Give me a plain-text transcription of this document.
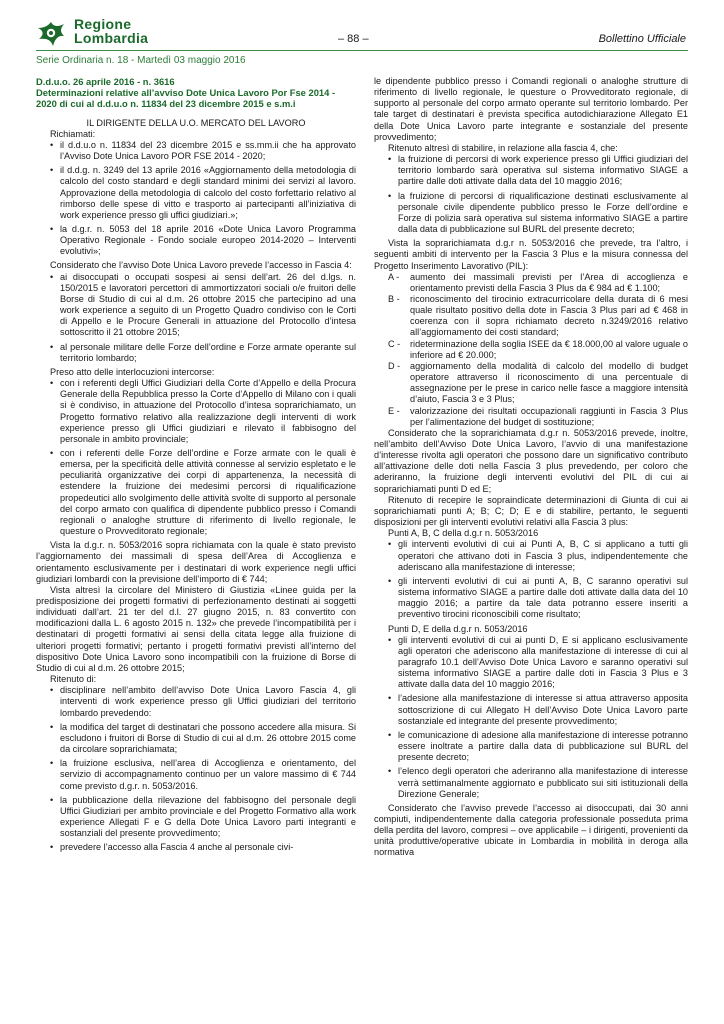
Regione
Lombardia	– 88 –	Bollettino Ufficiale
Serie Ordinaria n. 18 - Martedì 03 maggio 2016

D.d.u.o. 26 aprile 2016 - n. 3616

Determinazioni relative all’avviso Dote Unica Lavoro Por Fse 2014 - 2020 di cui al d.d.u.o n. 11834 del 23 dicembre 2015 e s.m.i

IL DIRIGENTE DELLA U.O. MERCATO DEL LAVORO

Richiamati:

• il d.d.u.o n. 11834 del 23 dicembre 2015 e ss.mm.ii che ha approvato l’Avviso Dote Unica Lavoro POR FSE 2014 - 2020;
• il d.d.g. n. 3249 del 13 aprile 2016 «Aggiornamento della metodologia di calcolo del costo standard e degli standard minimi dei servizi al lavoro. Approvazione della metodologia di calcolo del costo forfettario relativo al rimborso delle spese di vitto e trasporto ai partecipanti all’iniziativa di work experience presso gli uffici giudiziari.»;
• la d.g.r. n. 5053 del 18 aprile 2016 «Dote Unica Lavoro Programma Operativo Regionale - Fondo sociale europeo 2014-2020 – Interventi evolutivi»;

Considerato che l’avviso Dote Unica Lavoro prevede l’accesso in Fascia 4:

• ai disoccupati o occupati sospesi ai sensi dell’art. 26 del d.lgs. n. 150/2015 e lavoratori percettori di ammortizzatori sociali o/e fruitori delle Borse di Studio di cui al d.m. 26 ottobre 2015 che partecipino ad una work experience a seguito di un Progetto Quadro condiviso con le Corti di Appello e le Procure Generali in attuazione del Protocollo d’intesa sottoscritto il 21 ottobre 2015;
• al personale militare delle Forze dell’ordine e Forze armate operante sul territorio lombardo;

Preso atto delle interlocuzioni intercorse:

• con i referenti degli Uffici Giudiziari della Corte d’Appello e della Procura Generale della Repubblica presso la Corte d’Appello di Milano con i quali si è condiviso, in attuazione del Protocollo d’intesa soprarichiamato, un Progetto formativo relativo alla realizzazione degli interventi di work experience presso gli Uffici giudiziari e rilevato il fabbisogno del personale in ambito provinciale;
• con i referenti delle Forze dell’ordine e Forze armate con le quali è emersa, per la specificità delle attività connesse al servizio espletato e le peculiarità organizzative dei corpi di appartenenza, la necessità di estendere la fruizione dei medesimi percorsi di riqualificazione propedeutici allo svolgimento delle attività svolte di supporto al personale del corpo armato con qualifica di dipendente pubblico presso i Comandi regionali o analoghe strutture di riferimento di livello regionale, le questure o Provveditorato regionale;

Vista la d.g.r. n. 5053/2016 sopra richiamata con la quale è stato previsto l’aggiornamento dei massimali di spesa dell’Area di Accoglienza e orientamento esclusivamente per i destinatari di work experience negli uffici giudiziari lombardi con la previsione dell’importo di € 744;

Vista altresì la circolare del Ministero di Giustizia «Linee guida per la predisposizione dei progetti formativi di perfezionamento destinati ai soggetti individuati dall’art. 21 ter del d.l. 27 giugno 2015, n. 83 convertito con modificazioni dalla L. 6 agosto 2015 n. 132» che prevede l’incompatibilità per i destinatari di progetti formativi ai sensi della citata legge alla fruizione di ulteriori progetti formativi; pertanto i progetti formativi previsti all’interno del dispositivo Dote Unica Lavoro sono incompatibili con la fruizione di Borse di Studio di cui al d.m. 26 ottobre 2015;

Ritenuto di:

• disciplinare nell’ambito dell’avviso Dote Unica Lavoro Fascia 4, gli interventi di work experience presso gli Uffici giudiziari del territorio lombardo prevedendo:
• la modifica del target di destinatari che possono accedere alla misura. Si escludono i fruitori di Borse di Studio di cui al d.m. 26 ottobre 2015 come da circolare soprarichiamata;
• la fruizione esclusiva, nell’area di Accoglienza e orientamento, del servizio di accompagnamento continuo per un valore massimo di € 744 come previsto d.g.r. n. 5053/2016.
• la pubblicazione della rilevazione del fabbisogno del personale degli Uffici Giudiziari per ambito provinciale e del Progetto Formativo alla work experience Allegati F e G della Dote Unica Lavoro parti integranti e sostanziali del presente provvedimento;
• prevedere l’accesso alla Fascia 4 anche al personale civi-

le dipendente pubblico presso i Comandi regionali o analoghe strutture di riferimento di livello regionale, le questure o Provveditorato regionale, di supporto al personale del corpo armato operante sul territorio lombardo. Per tale target di destinatari è prevista specifica autodichiarazione Allegato E1 della Dote Unica Lavoro parte integrante e sostanziale del presente provvedimento;

Ritenuto altresì di stabilire, in relazione alla fascia 4, che:

• la fruizione di percorsi di work experience presso gli Uffici giudiziari del territorio lombardo sarà operativa sul sistema informativo SIAGE a partire dalle doti attivate dalla data del 10 maggio 2016;
• la fruizione di percorsi di riqualificazione destinati esclusivamente al personale civile dipendente pubblico presso le Forze dell’ordine e Forze di polizia sarà operativa sul sistema informativo SIAGE a partire dalla data di pubblicazione sul BURL del presente decreto;

Vista la soprarichiamata d.g.r n. 5053/2016 che prevede, tra l’altro, i seguenti ambiti di intervento per la Fascia 3 Plus e la misura connessa del Progetto Inserimento Lavorativo (PIL):

A -	aumento dei massimali previsti per l’Area di accoglienza e orientamento previsti della Fascia 3 Plus da € 984 ad € 1.100;
B -	riconoscimento del tirocinio extracurricolare della durata di 6 mesi quale risultato positivo della dote in Fascia 3 Plus pari ad € 468 in coerenza con il sopra richiamato decreto n.3249/2016 relativo all’aggiornamento dei costi standard;
C -	rideterminazione della soglia ISEE da € 18.000,00 al valore uguale o inferiore ad € 20.000;
D -	aggiornamento della modalità di calcolo del modello di budget operatore attraverso il riconoscimento di una percentuale di assegnazione per le prese in carico nelle fasce a maggiore intensità d’aiuto, Fascia 3 e 3 Plus;
E -	valorizzazione dei risultati occupazionali raggiunti in Fascia 3 Plus per l’alimentazione del budget di sostituzione;

Considerato che la soprarichiamata d.g.r n. 5053/2016 prevede, inoltre, nell’ambito dell’Avviso Dote Unica Lavoro, l’avvio di una manifestazione d’interesse rivolta agli operatori che possono dare un significativo contributo all’attivazione delle doti nella Fascia 3 plus prevedendo, per coloro che aderiranno, la fruizione degli interventi evolutivi del PIL di cui ai soprarichiamati punti D ed E;

Ritenuto di recepire le sopraindicate determinazioni di Giunta di cui ai soprarichiamati punti A; B; C; D; E e di stabilire, pertanto, le seguenti disposizioni per gli interventi evolutivi relativi alla Fascia 3 plus:

Punti A, B, C della d.g.r n. 5053/2016

• gli interventi evolutivi di cui ai Punti A, B, C si applicano a tutti gli operatori che attivano doti in Fascia 3 plus, indipendentemente che aderiscano alla manifestazione di interesse;
• gli interventi evolutivi di cui ai punti A, B, C saranno operativi sul sistema informativo SIAGE a partire dalle doti attivate dalla data del 10 maggio 2016; a partire da tale data potranno essere inseriti a preventivo tirocini riconoscibili come risultato;

Punti D, E della d.g.r n. 5053/2016

• gli interventi evolutivi di cui ai punti D, E si applicano esclusivamente agli operatori che aderiscono alla manifestazione di interesse di cui al paragrafo 10.1 dell’Avviso Dote Unica Lavoro e saranno operativi sul sistema informativo SIAGE a partire dalle doti in Fascia 3 Plus e 3 attivate dalla data del 10 maggio 2016;
• l’adesione alla manifestazione di interesse si attua attraverso apposita sottoscrizione di cui Allegato H dell’Avviso Dote Unica Lavoro parte sostanziale ed integrante del presente provvedimento;
• le comunicazione di adesione alla manifestazione di interesse potranno essere inoltrate a partire dalla data di pubblicazione sul BURL del presente decreto;
• l’elenco degli operatori che aderiranno alla manifestazione di interesse verrà settimanalmente aggiornato e pubblicato sui siti istituzionali della Direzione Generale;

Considerato che l’avviso prevede l’accesso ai disoccupati, dai 30 anni compiuti, indipendentemente dalla categoria professionale posseduta prima della perdita del lavoro, compresi – ove applicabile – i dirigenti, provenienti da unità produttive/operative ubicate in Lombardia in mobilità in deroga alla normativa
